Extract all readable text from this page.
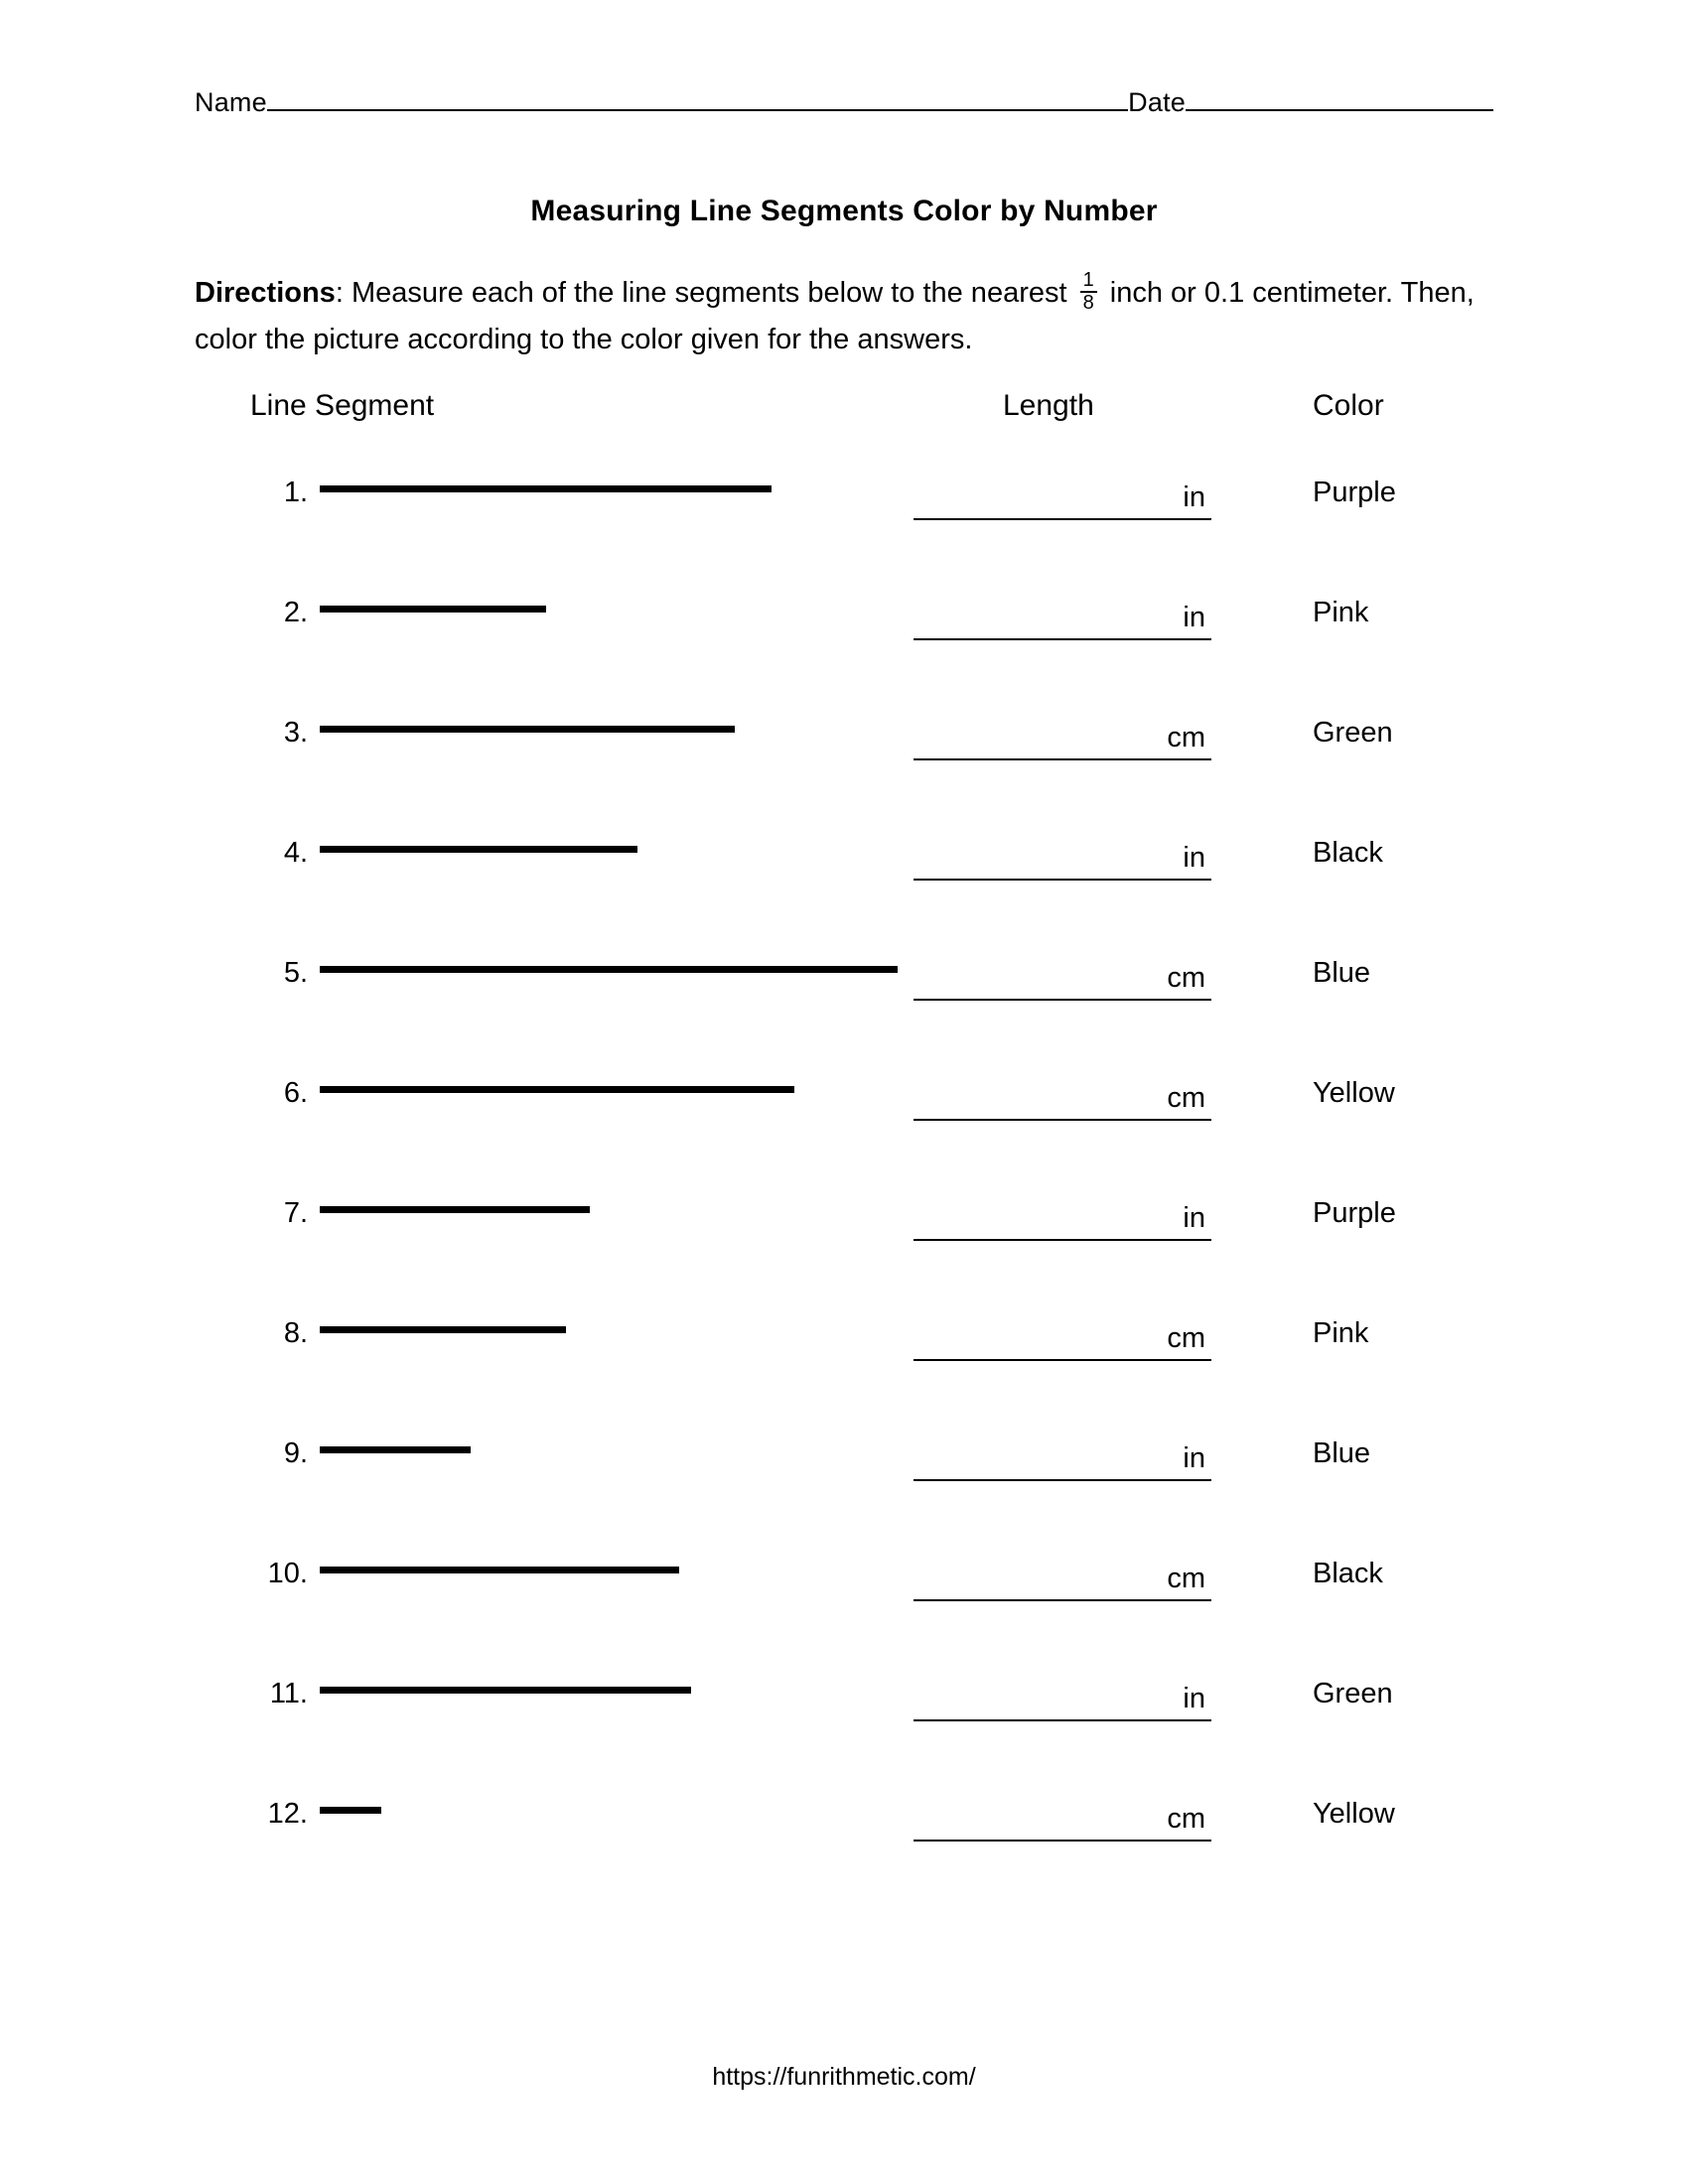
Name	Date
Measuring Line Segments Color by Number
Directions: Measure each of the line segments below to the nearest $\frac{1}{8}$ inch or 0.1 centimeter. Then, color the picture according to the color given for the answers.
Line Segment	Length	Color
1.	in	Purple
2.	in	Pink
3.	cm	Green
4.	in	Black
5.	cm	Blue
6.	cm	Yellow
7.	in	Purple
8.	cm	Pink
9.	in	Blue
10.	cm	Black
11.	in	Green
12.	cm	Yellow
https://funrithmetic.com/
